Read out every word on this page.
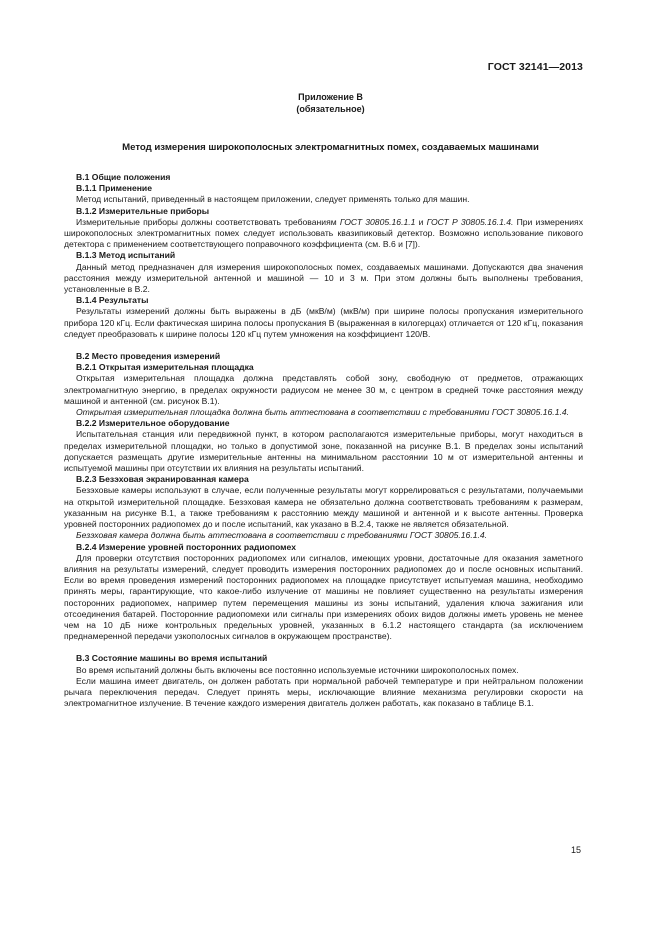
ГОСТ 32141—2013
Приложение В
(обязательное)
Метод измерения широкополосных электромагнитных помех, создаваемых машинами
В.1 Общие положения
В.1.1 Применение

Метод испытаний, приведенный в настоящем приложении, следует применять только для машин.

В.1.2 Измерительные приборы

Измерительные приборы должны соответствовать требованиям ГОСТ 30805.16.1.1 и ГОСТ Р 30805.16.1.4. При измерениях широкополосных электромагнитных помех следует использовать квазипиковый детектор. Возможно использование пикового детектора с применением соответствующего поправочного коэффициента (см. В.6 и [7]).

В.1.3 Метод испытаний

Данный метод предназначен для измерения широкополосных помех, создаваемых машинами. Допускаются два значения расстояния между измерительной антенной и машиной — 10 и 3 м. При этом должны быть выполнены требования, установленные в В.2.

В.1.4 Результаты

Результаты измерений должны быть выражены в дБ (мкВ/м) (мкВ/м) при ширине полосы пропускания измерительного прибора 120 кГц. Если фактическая ширина полосы пропускания В (выраженная в килогерцах) отличается от 120 кГц, показания следует преобразовать к ширине полосы 120 кГц путем умножения на коэффициент 120/В.

В.2 Место проведения измерений
В.2.1 Открытая измерительная площадка

Открытая измерительная площадка должна представлять собой зону, свободную от предметов, отражающих электромагнитную энергию, в пределах окружности радиусом не менее 30 м, с центром в средней точке расстояния между машиной и антенной (см. рисунок В.1).

Открытая измерительная площадка должна быть аттестована в соответствии с требованиями ГОСТ 30805.16.1.4.

В.2.2 Измерительное оборудование

Испытательная станция или передвижной пункт, в котором располагаются измерительные приборы, могут находиться в пределах измерительной площадки, но только в допустимой зоне, показанной на рисунке В.1. В пределах зоны испытаний допускается размещать другие измерительные антенны на минимальном расстоянии 10 м от измерительной антенны и испытуемой машины при отсутствии их влияния на результаты испытаний.

В.2.3 Безэховая экранированная камера

Безэховые камеры используют в случае, если полученные результаты могут коррелироваться с результатами, получаемыми на открытой измерительной площадке. Безэховая камера не обязательно должна соответствовать требованиям к размерам, указанным на рисунке В.1, а также требованиям к расстоянию между машиной и антенной и к высоте антенны. Проверка уровней посторонних радиопомех до и после испытаний, как указано в В.2.4, также не является обязательной.

Безэховая камера должна быть аттестована в соответствии с требованиями ГОСТ 30805.16.1.4.

В.2.4 Измерение уровней посторонних радиопомех

Для проверки отсутствия посторонних радиопомех или сигналов, имеющих уровни, достаточные для оказания заметного влияния на результаты измерений, следует проводить измерения посторонних радиопомех до и после основных испытаний. Если во время проведения измерений посторонних радиопомех на площадке присутствует испытуемая машина, необходимо принять меры, гарантирующие, что какое-либо излучение от машины не повлияет существенно на результаты измерения посторонних радиопомех, например путем перемещения машины из зоны испытаний, удаления ключа зажигания или отсоединения батарей. Посторонние радиопомехи или сигналы при измерениях обоих видов должны иметь уровень не менее чем на 10 дБ ниже контрольных предельных уровней, указанных в 6.1.2 настоящего стандарта (за исключением преднамеренной передачи узкополосных сигналов в окружающем пространстве).

В.3 Состояние машины во время испытаний

Во время испытаний должны быть включены все постоянно используемые источники широкополосных помех.

Если машина имеет двигатель, он должен работать при нормальной рабочей температуре и при нейтральном положении рычага переключения передач. Следует принять меры, исключающие влияние механизма регулировки скорости на электромагнитное излучение. В течение каждого измерения двигатель должен работать, как показано в таблице В.1.

15
